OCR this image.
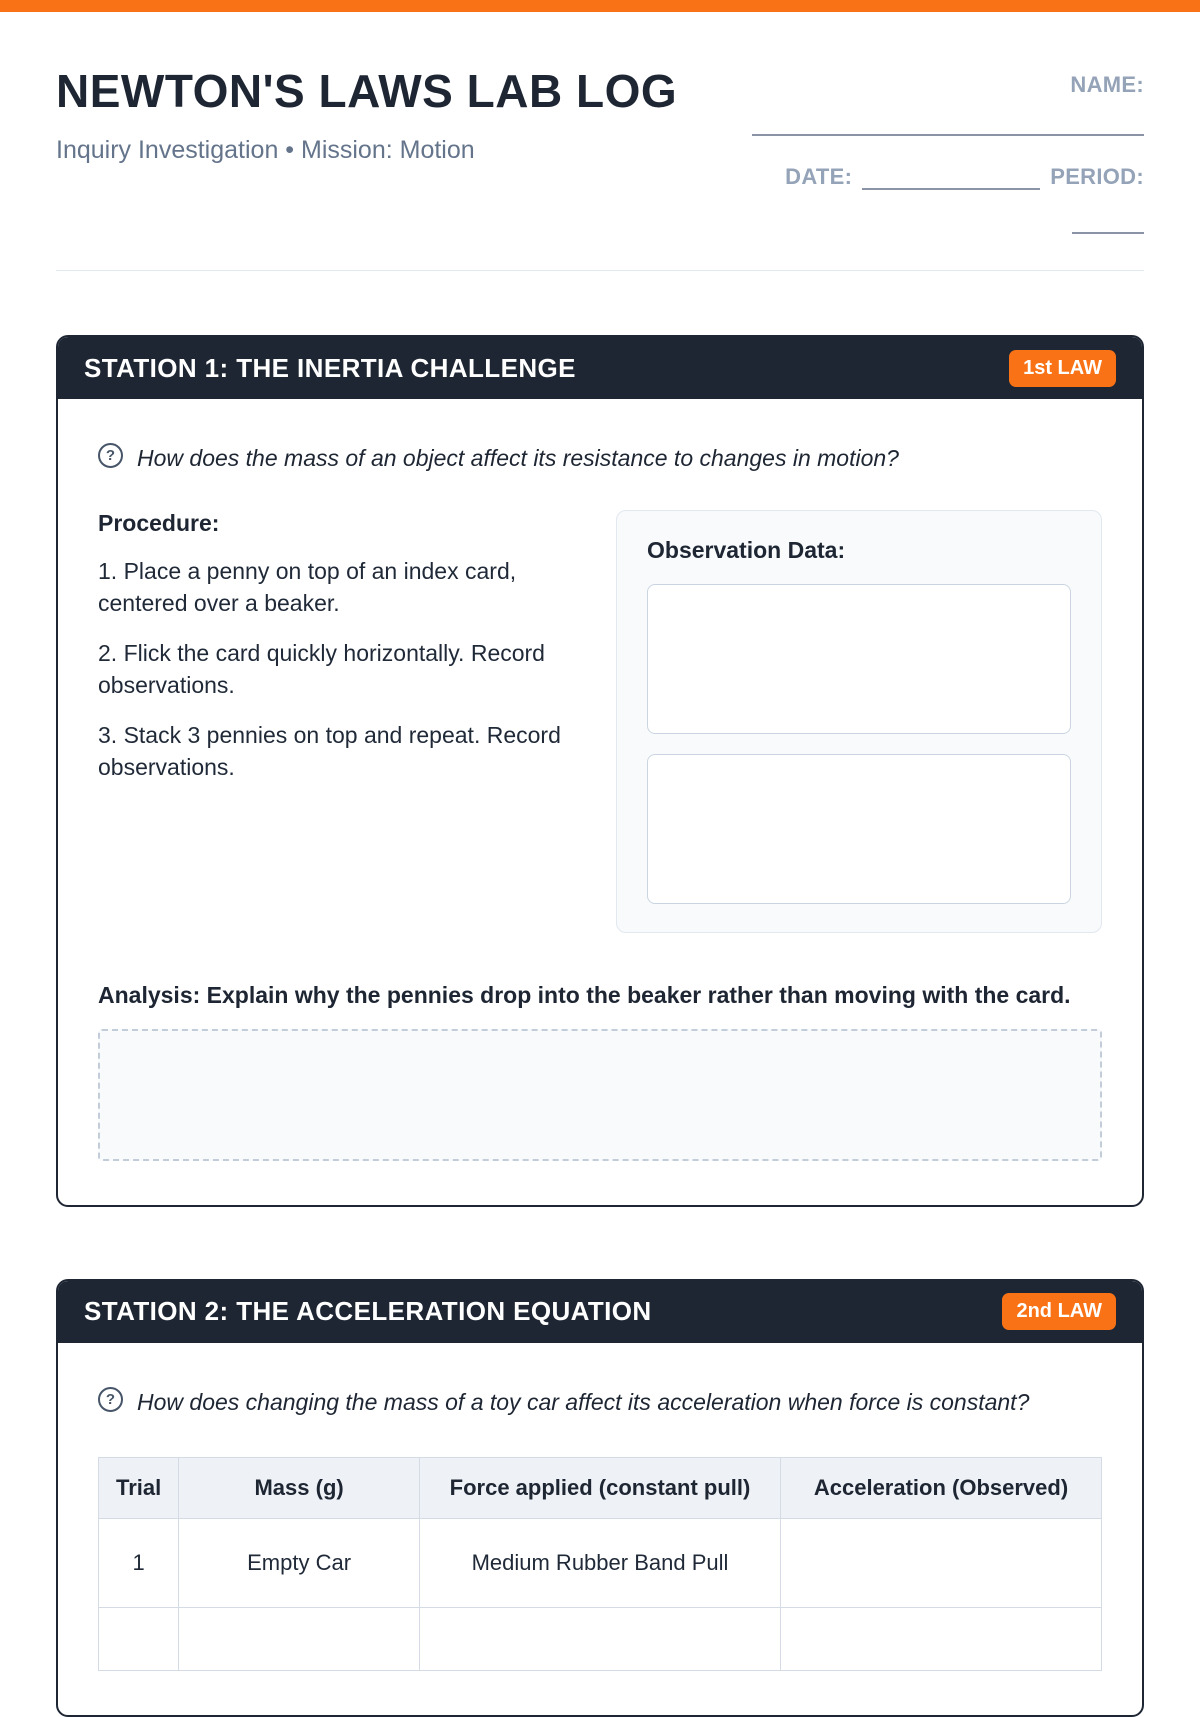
NEWTON'S LAWS LAB LOG

Inquiry Investigation • Mission: Motion

NAME:
DATE:	PERIOD:
STATION 1: THE INERTIA CHALLENGE	1st LAW
? How does the mass of an object affect its resistance to changes in motion?

Procedure:

1. Place a penny on top of an index card, centered over a beaker.

2. Flick the card quickly horizontally. Record observations.

3. Stack 3 pennies on top and repeat. Record observations.

Observation Data:

Analysis: Explain why the pennies drop into the beaker rather than moving with the card.

STATION 2: THE ACCELERATION EQUATION	2nd LAW
? How does changing the mass of a toy car affect its acceleration when force is constant?
Trial	Mass (g)	Force applied (constant pull)	Acceleration (Observed)
1	Empty Car	Medium Rubber Band Pull	
